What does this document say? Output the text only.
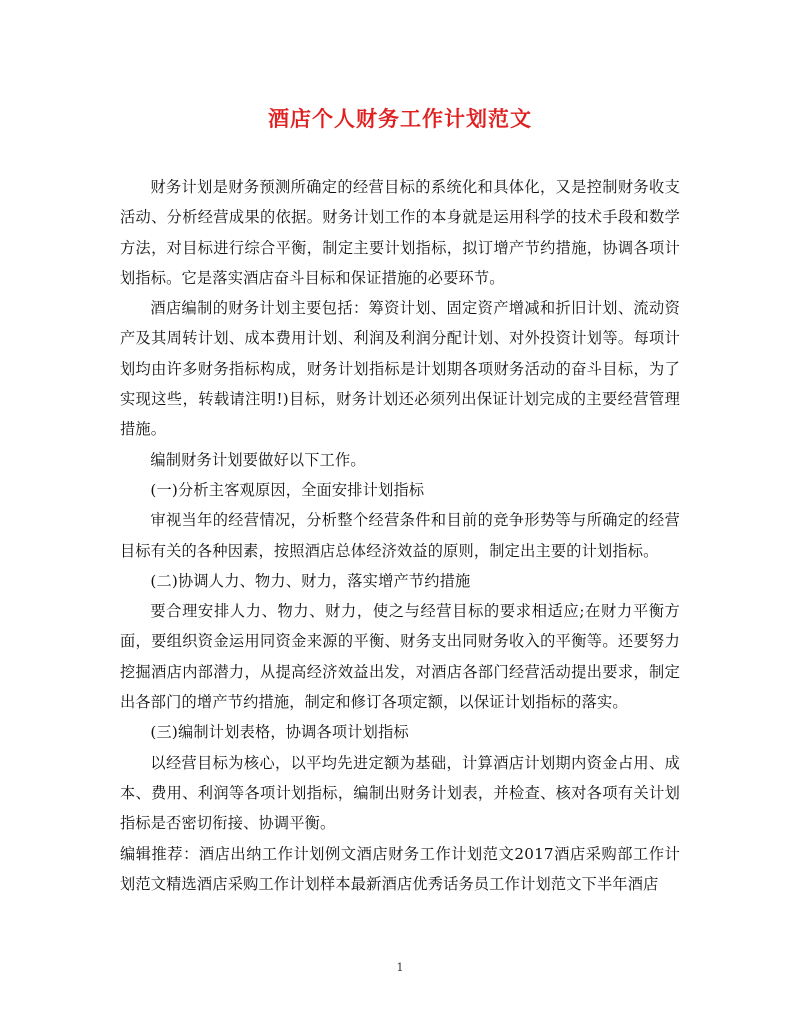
酒店个人财务工作计划范文

财务计划是财务预测所确定的经营目标的系统化和具体化，又是控制财务收支活动、分析经营成果的依据。财务计划工作的本身就是运用科学的技术手段和数学方法，对目标进行综合平衡，制定主要计划指标，拟订增产节约措施，协调各项计划指标。它是落实酒店奋斗目标和保证措施的必要环节。

酒店编制的财务计划主要包括：筹资计划、固定资产增减和折旧计划、流动资产及其周转计划、成本费用计划、利润及利润分配计划、对外投资计划等。每项计划均由许多财务指标构成，财务计划指标是计划期各项财务活动的奋斗目标，为了实现这些，转载请注明!)目标，财务计划还必须列出保证计划完成的主要经营管理措施。

编制财务计划要做好以下工作。

(一)分析主客观原因，全面安排计划指标

审视当年的经营情况，分析整个经营条件和目前的竞争形势等与所确定的经营目标有关的各种因素，按照酒店总体经济效益的原则，制定出主要的计划指标。

(二)协调人力、物力、财力，落实增产节约措施

要合理安排人力、物力、财力，使之与经营目标的要求相适应;在财力平衡方面，要组织资金运用同资金来源的平衡、财务支出同财务收入的平衡等。还要努力挖掘酒店内部潜力，从提高经济效益出发，对酒店各部门经营活动提出要求，制定出各部门的增产节约措施，制定和修订各项定额，以保证计划指标的落实。

(三)编制计划表格，协调各项计划指标

以经营目标为核心，以平均先进定额为基础，计算酒店计划期内资金占用、成本、费用、利润等各项计划指标，编制出财务计划表，并检查、核对各项有关计划指标是否密切衔接、协调平衡。

编辑推荐：酒店出纳工作计划例文酒店财务工作计划范文2017酒店采购部工作计划范文精选酒店采购工作计划样本最新酒店优秀话务员工作计划范文下半年酒店

1
